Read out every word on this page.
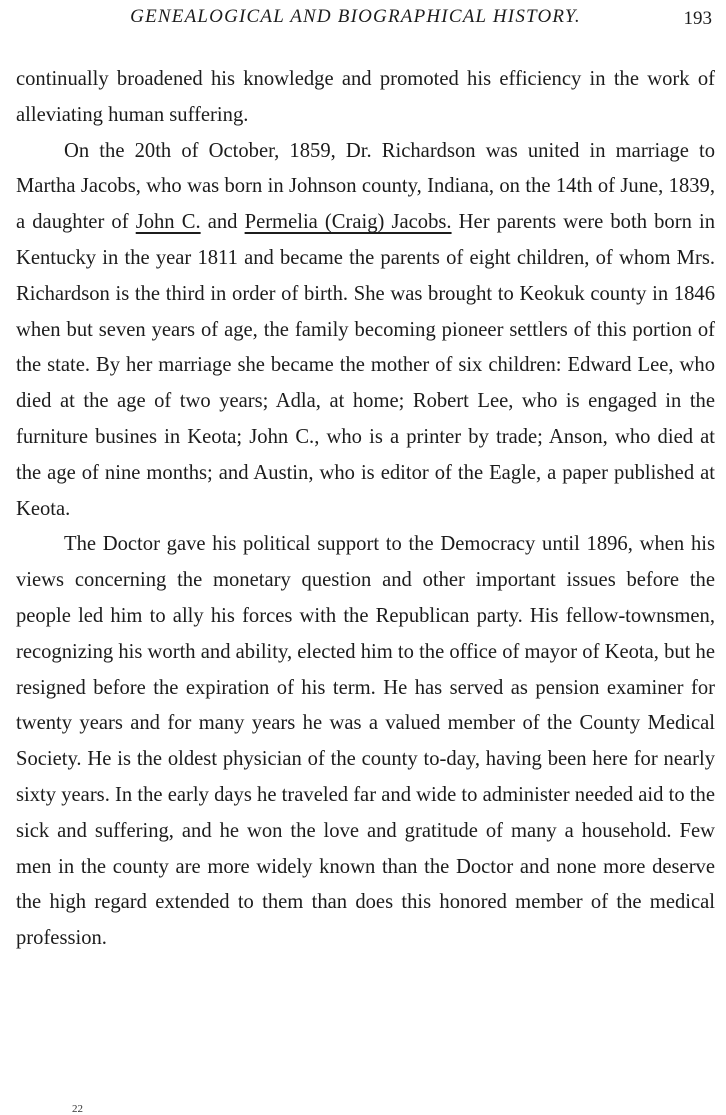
GENEALOGICAL AND BIOGRAPHICAL HISTORY.	193

continually broadened his knowledge and promoted his efficiency in the work of alleviating human suffering.

On the 20th of October, 1859, Dr. Richardson was united in marriage to Martha Jacobs, who was born in Johnson county, Indiana, on the 14th of June, 1839, a daughter of John C. and Permelia (Craig) Jacobs. Her parents were both born in Kentucky in the year 1811 and became the parents of eight children, of whom Mrs. Richardson is the third in order of birth. She was brought to Keokuk county in 1846 when but seven years of age, the family becoming pioneer settlers of this portion of the state. By her marriage she became the mother of six children: Edward Lee, who died at the age of two years; Adla, at home; Robert Lee, who is engaged in the furniture busines in Keota; John C., who is a printer by trade; Anson, who died at the age of nine months; and Austin, who is editor of the Eagle, a paper published at Keota.

The Doctor gave his political support to the Democracy until 1896, when his views concerning the monetary question and other important issues before the people led him to ally his forces with the Republican party. His fellow-townsmen, recognizing his worth and ability, elected him to the office of mayor of Keota, but he resigned before the expiration of his term. He has served as pension examiner for twenty years and for many years he was a valued member of the County Medical Society. He is the oldest physician of the county to-day, having been here for nearly sixty years. In the early days he traveled far and wide to administer needed aid to the sick and suffering, and he won the love and gratitude of many a household. Few men in the county are more widely known than the Doctor and none more deserve the high regard extended to them than does this honored member of the medical profession.

22
